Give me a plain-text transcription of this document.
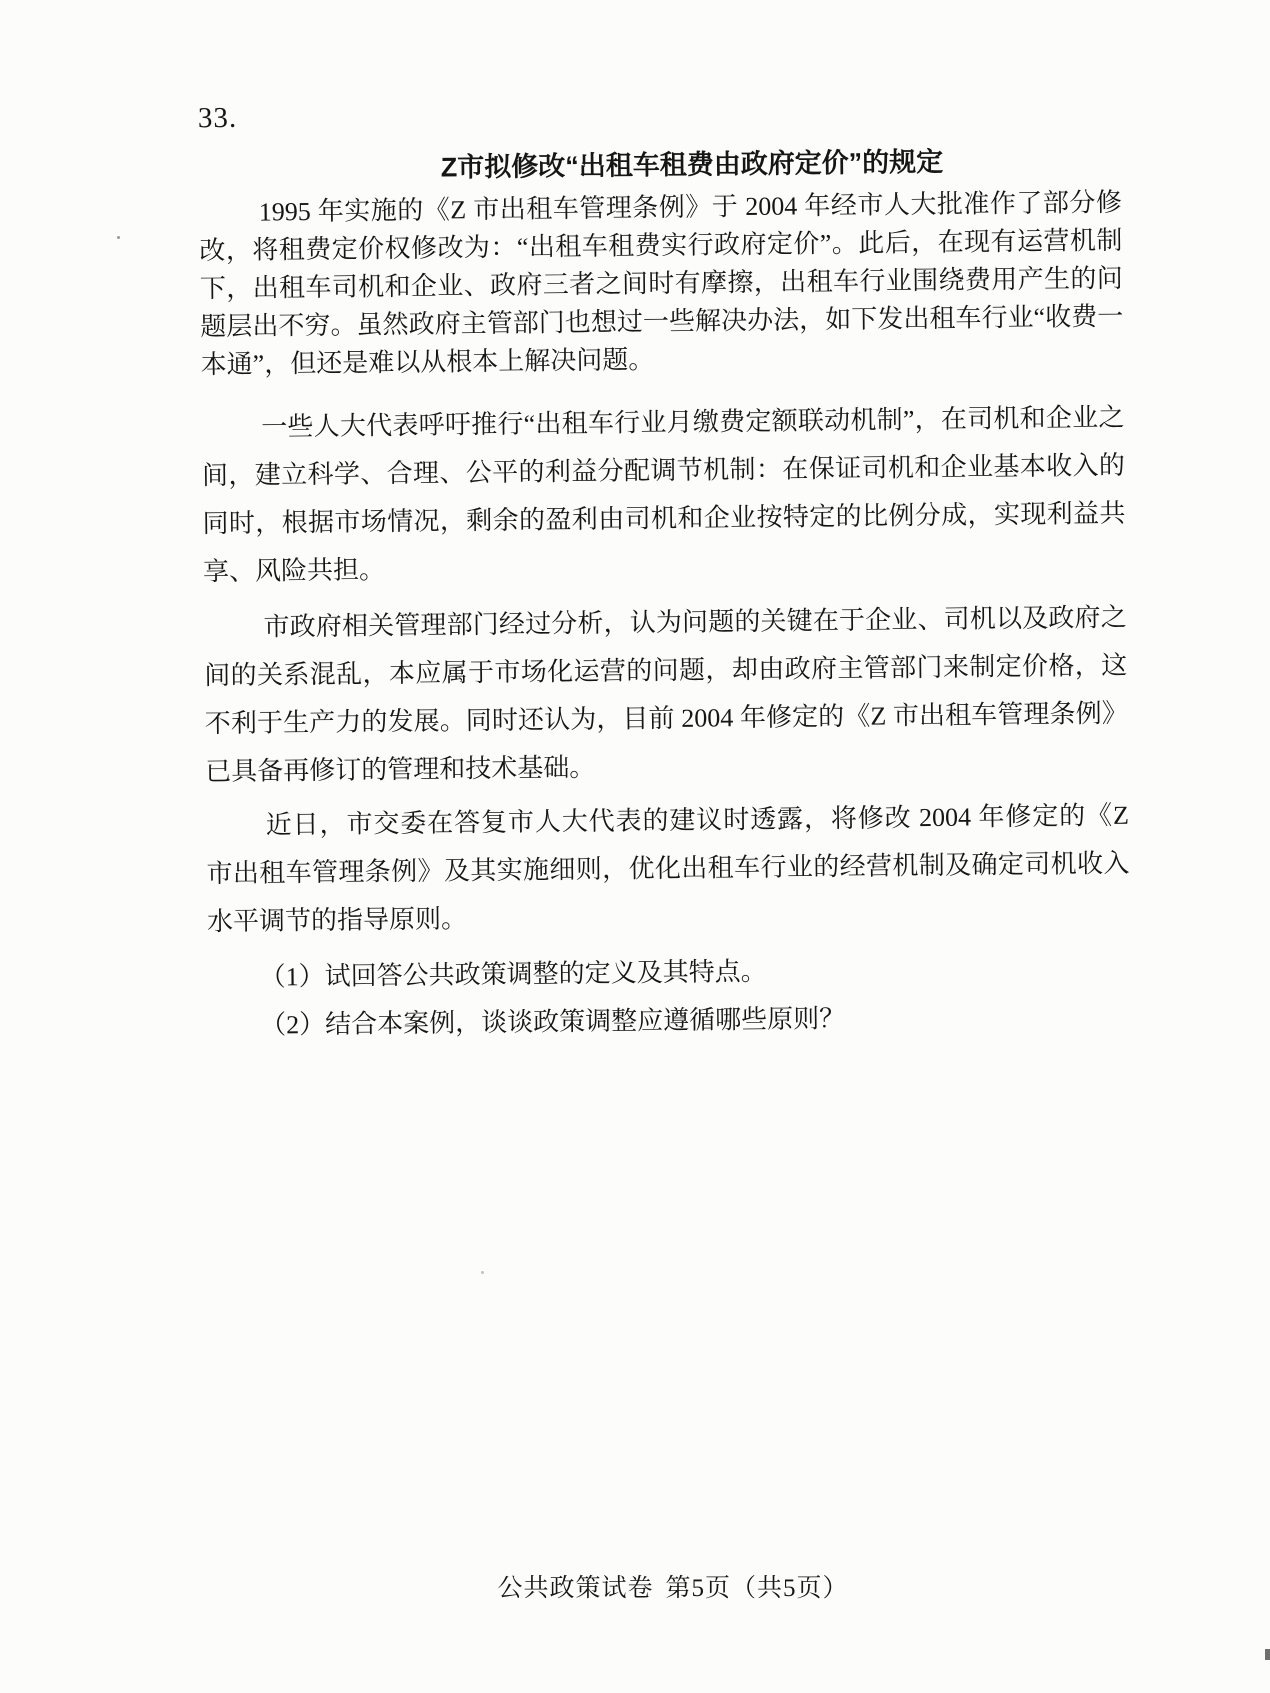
33.

Z市拟修改“出租车租费由政府定价”的规定

1995 年实施的《Z 市出租车管理条例》于 2004 年经市人大批准作了部分修改，将租费定价权修改为：“出租车租费实行政府定价”。此后，在现有运营机制下，出租车司机和企业、政府三者之间时有摩擦，出租车行业围绕费用产生的问题层出不穷。虽然政府主管部门也想过一些解决办法，如下发出租车行业“收费一本通”，但还是难以从根本上解决问题。

一些人大代表呼吁推行“出租车行业月缴费定额联动机制”，在司机和企业之间，建立科学、合理、公平的利益分配调节机制：在保证司机和企业基本收入的同时，根据市场情况，剩余的盈利由司机和企业按特定的比例分成，实现利益共享、风险共担。

市政府相关管理部门经过分析，认为问题的关键在于企业、司机以及政府之间的关系混乱，本应属于市场化运营的问题，却由政府主管部门来制定价格，这不利于生产力的发展。同时还认为，目前 2004 年修定的《Z 市出租车管理条例》已具备再修订的管理和技术基础。

近日，市交委在答复市人大代表的建议时透露，将修改 2004 年修定的《Z 市出租车管理条例》及其实施细则，优化出租车行业的经营机制及确定司机收入水平调节的指导原则。

（1）试回答公共政策调整的定义及其特点。

（2）结合本案例，谈谈政策调整应遵循哪些原则？

公共政策试卷 第5页（共5页）
